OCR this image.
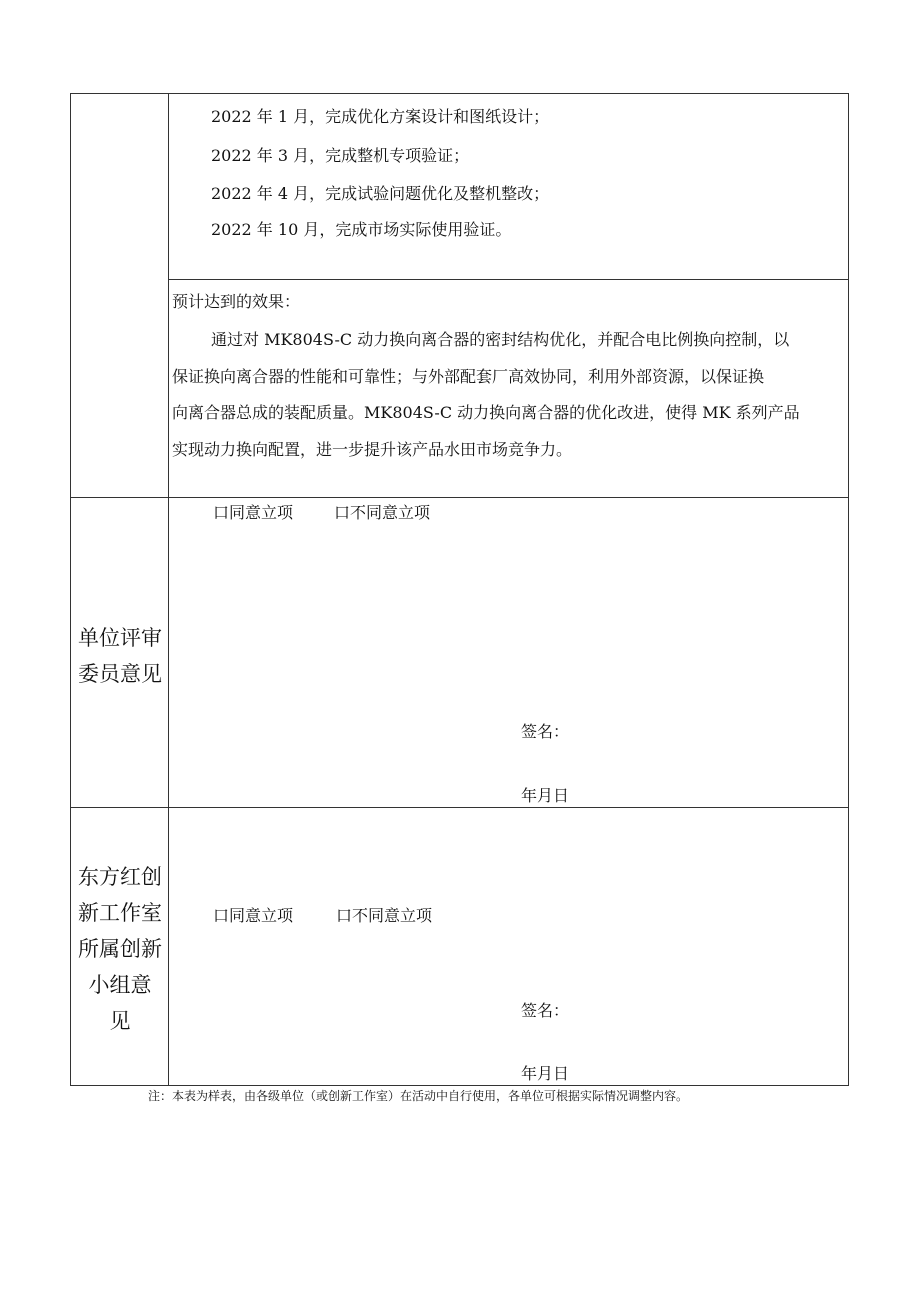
2022 年 1 月，完成优化方案设计和图纸设计；
2022 年 3 月，完成整机专项验证；
2022 年 4 月，完成试验问题优化及整机整改；
2022 年 10 月，完成市场实际使用验证。
预计达到的效果：
通过对 MK804S-C 动力换向离合器的密封结构优化，并配合电比例换向控制，以
保证换向离合器的性能和可靠性；与外部配套厂高效协同，利用外部资源，以保证换
向离合器总成的装配质量。MK804S-C 动力换向离合器的优化改进，使得 MK 系列产品
实现动力换向配置，进一步提升该产品水田市场竞争力。
单位评审
委员意见
口同意立项	口不同意立项
签名：
年月日
东方红创
新工作室
所属创新
小组意
见
口同意立项	口不同意立项
签名：
年月日
注：本表为样表，由各级单位（或创新工作室）在活动中自行使用，各单位可根据实际情况调整内容。
